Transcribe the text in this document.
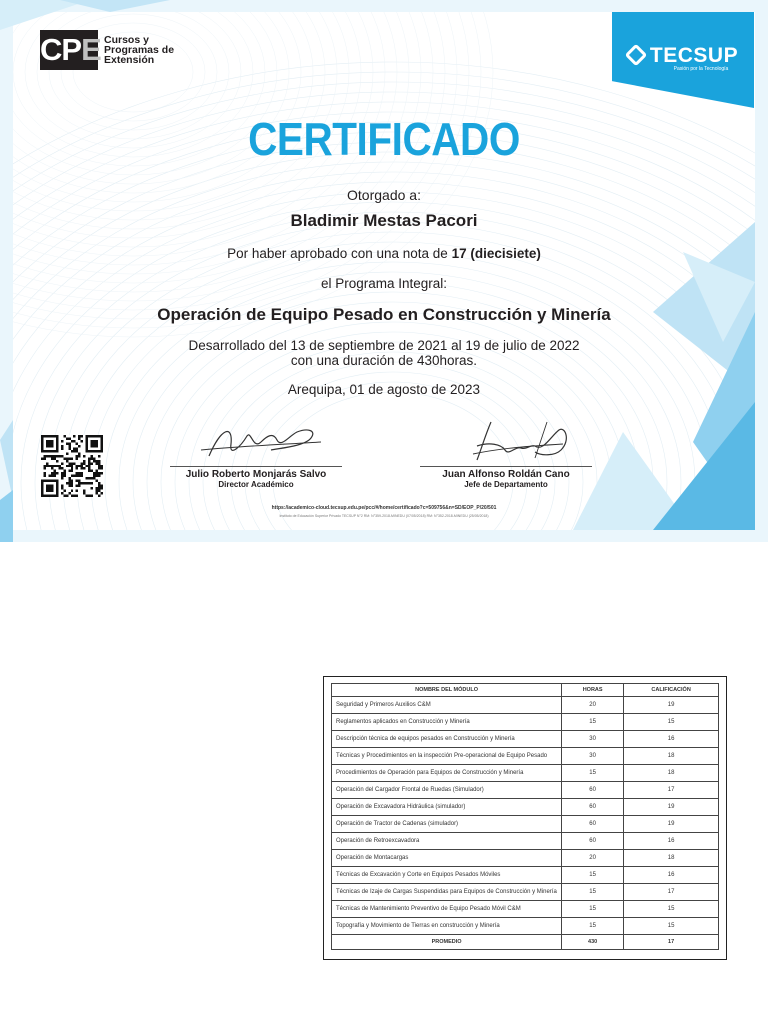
TECSUP
Pasión por la Tecnología
CPE Cursos y
Programas de
Extensión
CERTIFICADO
Otorgado a:
Bladimir Mestas Pacori
Por haber aprobado con una nota de 17 (diecisiete)
el Programa Integral:
Operación de Equipo Pesado en Construcción y Minería
Desarrollado del 13 de septiembre de 2021 al 19 de julio de 2022
con una duración de 430horas.
Arequipa, 01 de agosto de 2023
Julio Roberto Monjarás Salvo
Director Académico
Juan Alfonso Roldán Cano
Jefe de Departamento
https://academico-cloud.tecsup.edu.pe/pcc/#/home/certificado?c=509756&n=SD/EOP_P/20/501
Instituto de Educación Superior Privado TECSUP N°2 RM: N°359-2018-MINEDU (07/05/2018) RM: N°352-2018-MINEDU (25/05/2018)
NOMBRE DEL MÓDULO	HORAS	CALIFICACIÓN
Seguridad y Primeros Auxilios C&M	20	19
Reglamentos aplicados en Construcción y Minería	15	15
Descripción técnica de equipos pesados en Construcción y Minería	30	16
Técnicas y Procedimientos en la inspección Pre-operacional de Equipo Pesado	30	18
Procedimientos de Operación para Equipos de Construcción y Minería	15	18
Operación del Cargador Frontal de Ruedas (Simulador)	60	17
Operación de Excavadora Hidráulica (simulador)	60	19
Operación de Tractor de Cadenas (simulador)	60	19
Operación de Retroexcavadora	60	16
Operación de Montacargas	20	18
Técnicas de Excavación y Corte en Equipos Pesados Móviles	15	16
Técnicas de Izaje de Cargas Suspendidas para Equipos de Construcción y Minería	15	17
Técnicas de Mantenimiento Preventivo de Equipo Pesado Móvil C&M	15	15
Topografía y Movimiento de Tierras en construcción y Minería	15	15
PROMEDIO	430	17
